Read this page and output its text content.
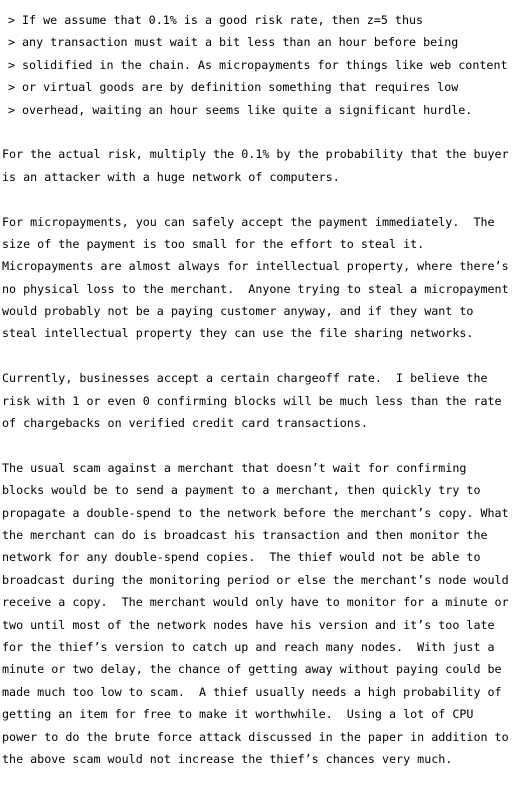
> If we assume that 0.1% is a good risk rate, then z=5 thus
> any transaction must wait a bit less than an hour before being
> solidified in the chain. As micropayments for things like web content
> or virtual goods are by definition something that requires low
> overhead, waiting an hour seems like quite a significant hurdle.
For the actual risk, multiply the 0.1% by the probability that the buyer
is an attacker with a huge network of computers.
For micropayments, you can safely accept the payment immediately.  The
size of the payment is too small for the effort to steal it.
Micropayments are almost always for intellectual property, where there’s
no physical loss to the merchant.  Anyone trying to steal a micropayment
would probably not be a paying customer anyway, and if they want to
steal intellectual property they can use the file sharing networks.
Currently, businesses accept a certain chargeoff rate.  I believe the
risk with 1 or even 0 confirming blocks will be much less than the rate
of chargebacks on verified credit card transactions.
The usual scam against a merchant that doesn’t wait for confirming
blocks would be to send a payment to a merchant, then quickly try to
propagate a double-spend to the network before the merchant’s copy. What
the merchant can do is broadcast his transaction and then monitor the
network for any double-spend copies.  The thief would not be able to
broadcast during the monitoring period or else the merchant’s node would
receive a copy.  The merchant would only have to monitor for a minute or
two until most of the network nodes have his version and it’s too late
for the thief’s version to catch up and reach many nodes.  With just a
minute or two delay, the chance of getting away without paying could be
made much too low to scam.  A thief usually needs a high probability of
getting an item for free to make it worthwhile.  Using a lot of CPU
power to do the brute force attack discussed in the paper in addition to
the above scam would not increase the thief’s chances very much.
